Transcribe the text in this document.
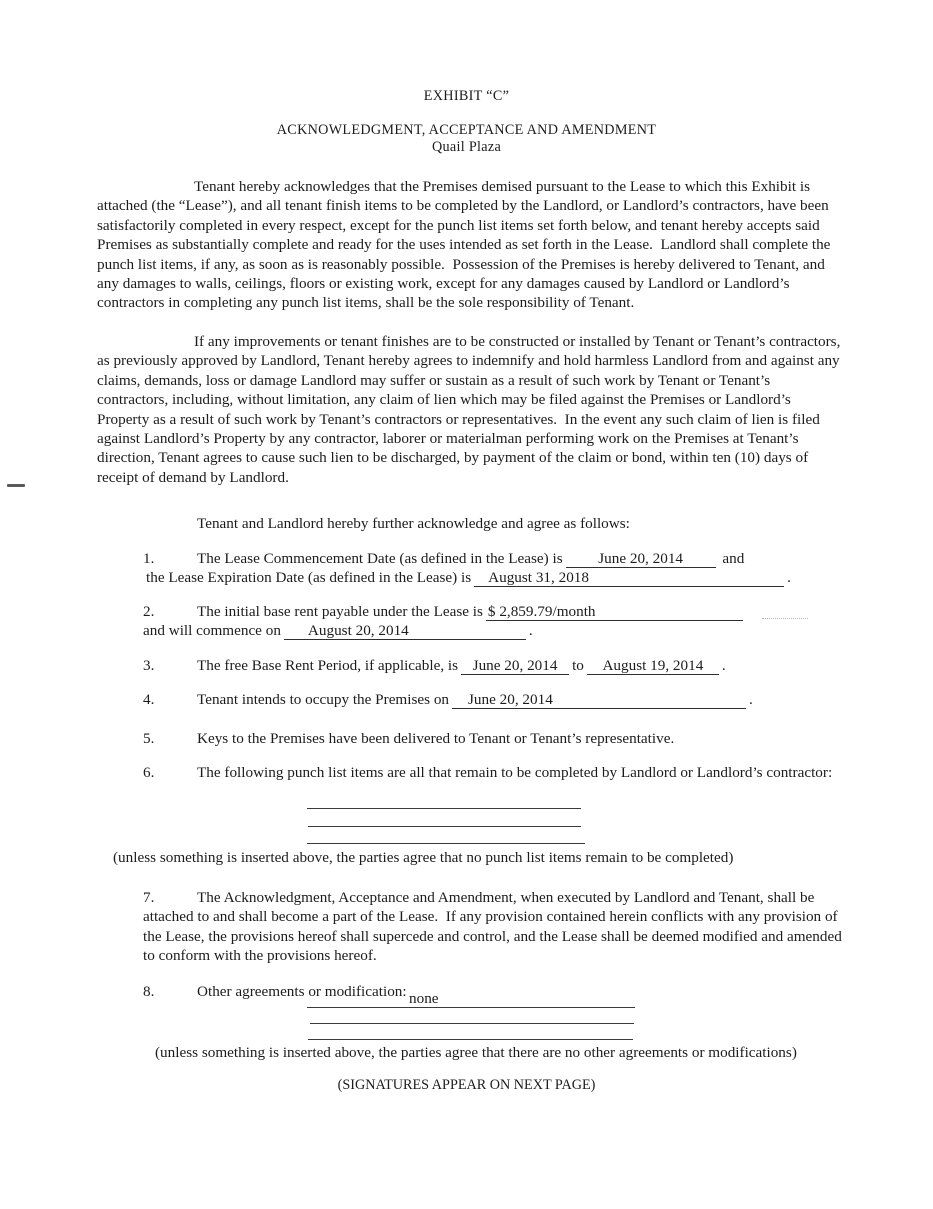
EXHIBIT “C”
ACKNOWLEDGMENT, ACCEPTANCE AND AMENDMENT
Quail Plaza
Tenant hereby acknowledges that the Premises demised pursuant to the Lease to which this Exhibit is attached (the “Lease”), and all tenant finish items to be completed by the Landlord, or Landlord’s contractors, have been satisfactorily completed in every respect, except for the punch list items set forth below, and tenant hereby accepts said Premises as substantially complete and ready for the uses intended as set forth in the Lease.  Landlord shall complete the punch list items, if any, as soon as is reasonably possible.  Possession of the Premises is hereby delivered to Tenant, and any damages to walls, ceilings, floors or existing work, except for any damages caused by Landlord or Landlord’s contractors in completing any punch list items, shall be the sole responsibility of Tenant.
If any improvements or tenant finishes are to be constructed or installed by Tenant or Tenant’s contractors, as previously approved by Landlord, Tenant hereby agrees to indemnify and hold harmless Landlord from and against any claims, demands, loss or damage Landlord may suffer or sustain as a result of such work by Tenant or Tenant’s contractors, including, without limitation, any claim of lien which may be filed against the Premises or Landlord’s Property as a result of such work by Tenant’s contractors or representatives.  In the event any such claim of lien is filed against Landlord’s Property by any contractor, laborer or materialman performing work on the Premises at Tenant’s direction, Tenant agrees to cause such lien to be discharged, by payment of the claim or bond, within ten (10) days of receipt of demand by Landlord.
Tenant and Landlord hereby further acknowledge and agree as follows:
1.	The Lease Commencement Date (as defined in the Lease) is June 20, 2014 and
the Lease Expiration Date (as defined in the Lease) is August 31, 2018	.
2.	The initial base rent payable under the Lease is $ 2,859.79/month
and will commence on August 20, 2014	.
3.	The free Base Rent Period, if applicable, is June 20, 2014 to August 19, 2014 .
4.	Tenant intends to occupy the Premises on June 20, 2014	.
5.	Keys to the Premises have been delivered to Tenant or Tenant’s representative.
6.	The following punch list items are all that remain to be completed by Landlord or Landlord’s contractor:
(unless something is inserted above, the parties agree that no punch list items remain to be completed)
7.	The Acknowledgment, Acceptance and Amendment, when executed by Landlord and Tenant, shall be attached to and shall become a part of the Lease.  If any provision contained herein conflicts with any provision of the Lease, the provisions hereof shall supercede and control, and the Lease shall be deemed modified and amended to conform with the provisions hereof.
8.	Other agreements or modification: none
(unless something is inserted above, the parties agree that there are no other agreements or modifications)
(SIGNATURES APPEAR ON NEXT PAGE)
